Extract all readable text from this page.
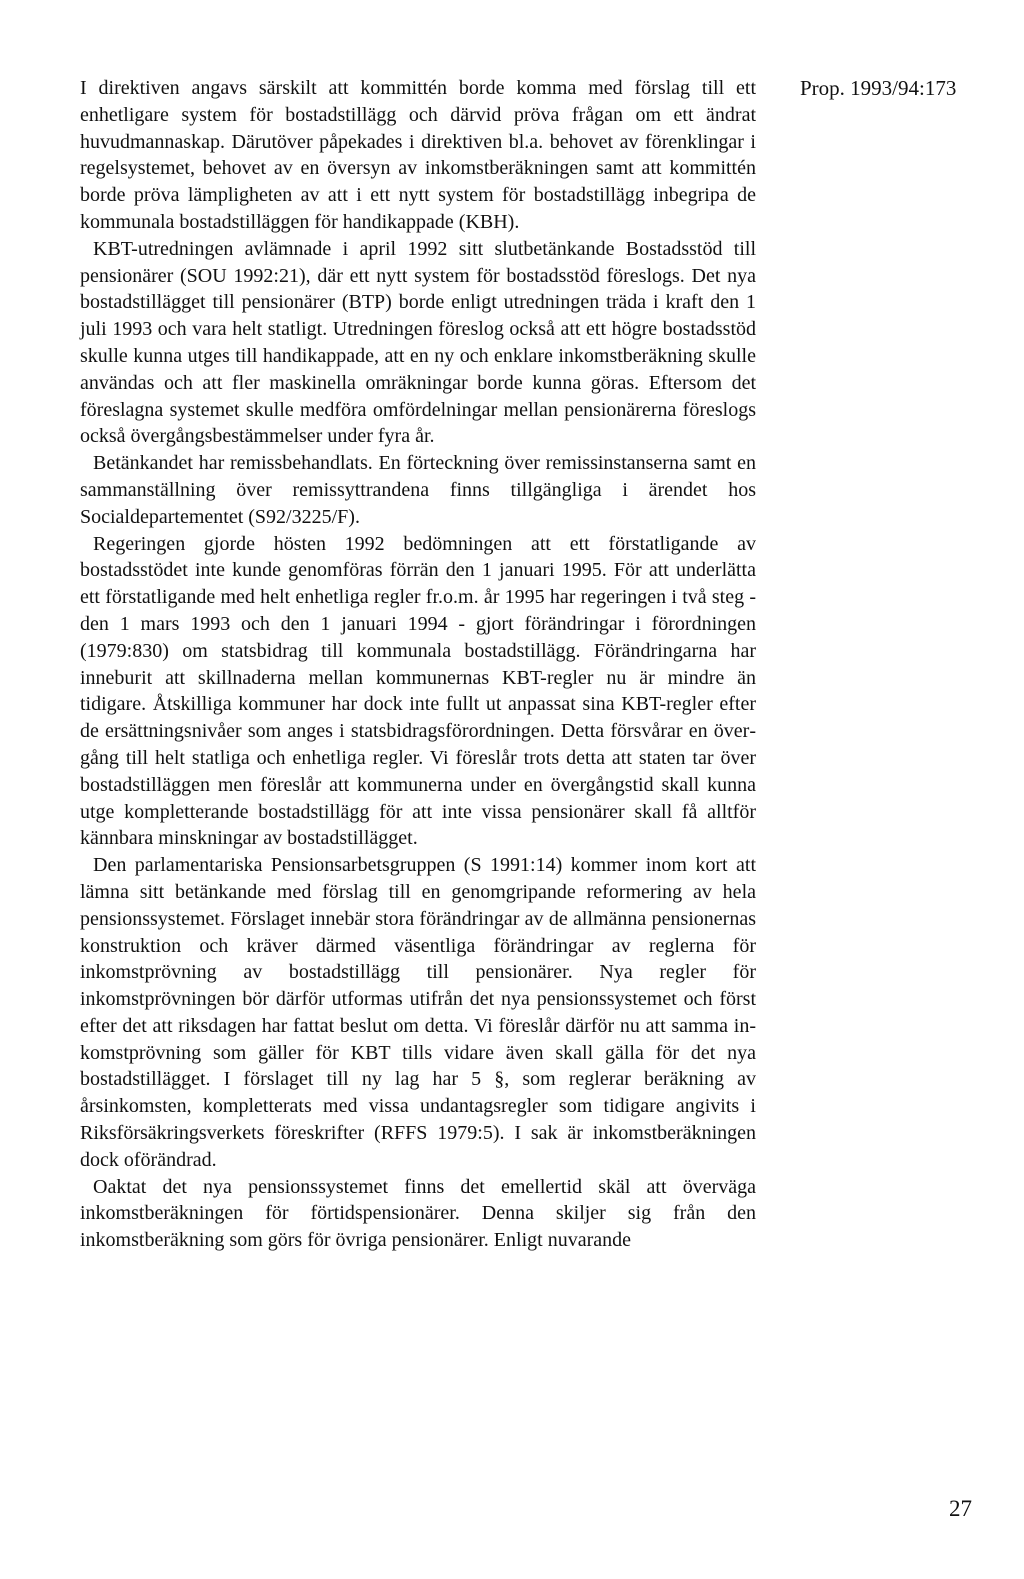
Prop. 1993/94:173

I direktiven angavs särskilt att kommittén borde komma med förslag till ett enhetligare system för bostadstillägg och därvid pröva frågan om ett ändrat huvudmannaskap. Därutöver påpekades i direktiven bl.a. behovet av förenklingar i regelsystemet, behovet av en översyn av inkomstberäkningen samt att kommittén borde pröva lämpligheten av att i ett nytt system för bostadstillägg inbegripa de kommunala bostadstilläggen för handikappade (KBH).

KBT-utredningen avlämnade i april 1992 sitt slutbetänkande Bostadsstöd till pensionärer (SOU 1992:21), där ett nytt system för bostadsstöd föreslogs. Det nya bostadstillägget till pensionärer (BTP) borde enligt utredningen träda i kraft den 1 juli 1993 och vara helt statligt. Utredningen föreslog också att ett högre bostadsstöd skulle kunna utges till handikappade, att en ny och enklare inkomstberäkning skulle användas och att fler maskinella omräkningar borde kunna göras. Eftersom det föreslagna systemet skulle medföra omfördelningar mellan pensionärerna föreslogs också övergångsbestämmelser under fyra år.

Betänkandet har remissbehandlats. En förteckning över remissinstanserna samt en sammanställning över remissyttrandena finns tillgängliga i ärendet hos Socialdepartementet (S92/3225/F).

Regeringen gjorde hösten 1992 bedömningen att ett förstatligande av bostadsstödet inte kunde genomföras förrän den 1 januari 1995. För att underlätta ett förstatligande med helt enhetliga regler fr.o.m. år 1995 har regeringen i två steg - den 1 mars 1993 och den 1 januari 1994 - gjort förändringar i förordningen (1979:830) om statsbidrag till kommunala bostadstillägg. Förändringarna har inneburit att skillnaderna mellan kommunernas KBT-regler nu är mindre än tidigare. Åtskilliga kommuner har dock inte fullt ut anpassat sina KBT-regler efter de ersättningsnivåer som anges i statsbidragsförordningen. Detta försvårar en övergång till helt statliga och enhetliga regler. Vi föreslår trots detta att staten tar över bostadstilläggen men föreslår att kommunerna under en övergångstid skall kunna utge kompletterande bostadstillägg för att inte vissa pensionärer skall få alltför kännbara minskningar av bostadstillägget.

Den parlamentariska Pensionsarbetsgruppen (S 1991:14) kommer inom kort att lämna sitt betänkande med förslag till en genomgripande reformering av hela pensionssystemet. Förslaget innebär stora förändringar av de allmänna pensionernas konstruktion och kräver därmed väsentliga förändringar av reglerna för inkomstprövning av bostadstillägg till pensionärer. Nya regler för inkomstprövningen bör därför utformas utifrån det nya pensionssystemet och först efter det att riksdagen har fattat beslut om detta. Vi föreslår därför nu att samma inkomstprövning som gäller för KBT tills vidare även skall gälla för det nya bostadstillägget. I förslaget till ny lag har 5 §, som reglerar beräkning av årsinkomsten, kompletterats med vissa undantagsregler som tidigare angivits i Riksförsäkringsverkets föreskrifter (RFFS 1979:5). I sak är inkomstberäkningen dock oförändrad.

Oaktat det nya pensionssystemet finns det emellertid skäl att överväga inkomstberäkningen för förtidspensionärer. Denna skiljer sig från den inkomstberäkning som görs för övriga pensionärer. Enligt nuvarande

27
